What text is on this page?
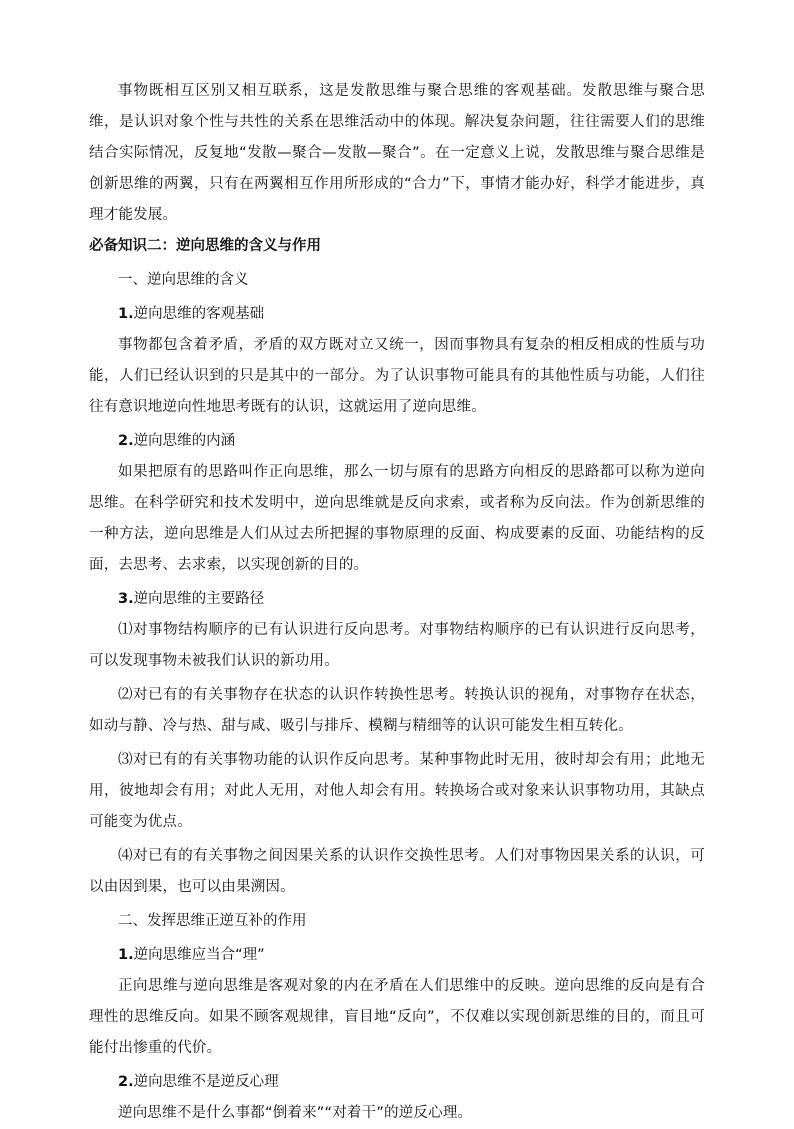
事物既相互区别又相互联系，这是发散思维与聚合思维的客观基础。发散思维与聚合思维，是认识对象个性与共性的关系在思维活动中的体现。解决复杂问题，往往需要人们的思维结合实际情况，反复地“发散—聚合—发散—聚合”。在一定意义上说，发散思维与聚合思维是创新思维的两翼，只有在两翼相互作用所形成的“合力”下，事情才能办好，科学才能进步，真理才能发展。

必备知识二：逆向思维的含义与作用

一、逆向思维的含义

1.逆向思维的客观基础

事物都包含着矛盾，矛盾的双方既对立又统一，因而事物具有复杂的相反相成的性质与功能，人们已经认识到的只是其中的一部分。为了认识事物可能具有的其他性质与功能，人们往往有意识地逆向性地思考既有的认识，这就运用了逆向思维。

2.逆向思维的内涵

如果把原有的思路叫作正向思维，那么一切与原有的思路方向相反的思路都可以称为逆向思维。在科学研究和技术发明中，逆向思维就是反向求索，或者称为反向法。作为创新思维的一种方法，逆向思维是人们从过去所把握的事物原理的反面、构成要素的反面、功能结构的反面，去思考、去求索，以实现创新的目的。

3.逆向思维的主要路径

⑴对事物结构顺序的已有认识进行反向思考。对事物结构顺序的已有认识进行反向思考，可以发现事物未被我们认识的新功用。

⑵对已有的有关事物存在状态的认识作转换性思考。转换认识的视角，对事物存在状态，如动与静、冷与热、甜与咸、吸引与排斥、模糊与精细等的认识可能发生相互转化。

⑶对已有的有关事物功能的认识作反向思考。某种事物此时无用，彼时却会有用；此地无用，彼地却会有用；对此人无用，对他人却会有用。转换场合或对象来认识事物功用，其缺点可能变为优点。

⑷对已有的有关事物之间因果关系的认识作交换性思考。人们对事物因果关系的认识，可以由因到果，也可以由果溯因。

二、发挥思维正逆互补的作用

1.逆向思维应当合“理”

正向思维与逆向思维是客观对象的内在矛盾在人们思维中的反映。逆向思维的反向是有合理性的思维反向。如果不顾客观规律，盲目地“反向”，不仅难以实现创新思维的目的，而且可能付出惨重的代价。

2.逆向思维不是逆反心理

逆向思维不是什么事都“倒着来”“对着干”的逆反心理。
